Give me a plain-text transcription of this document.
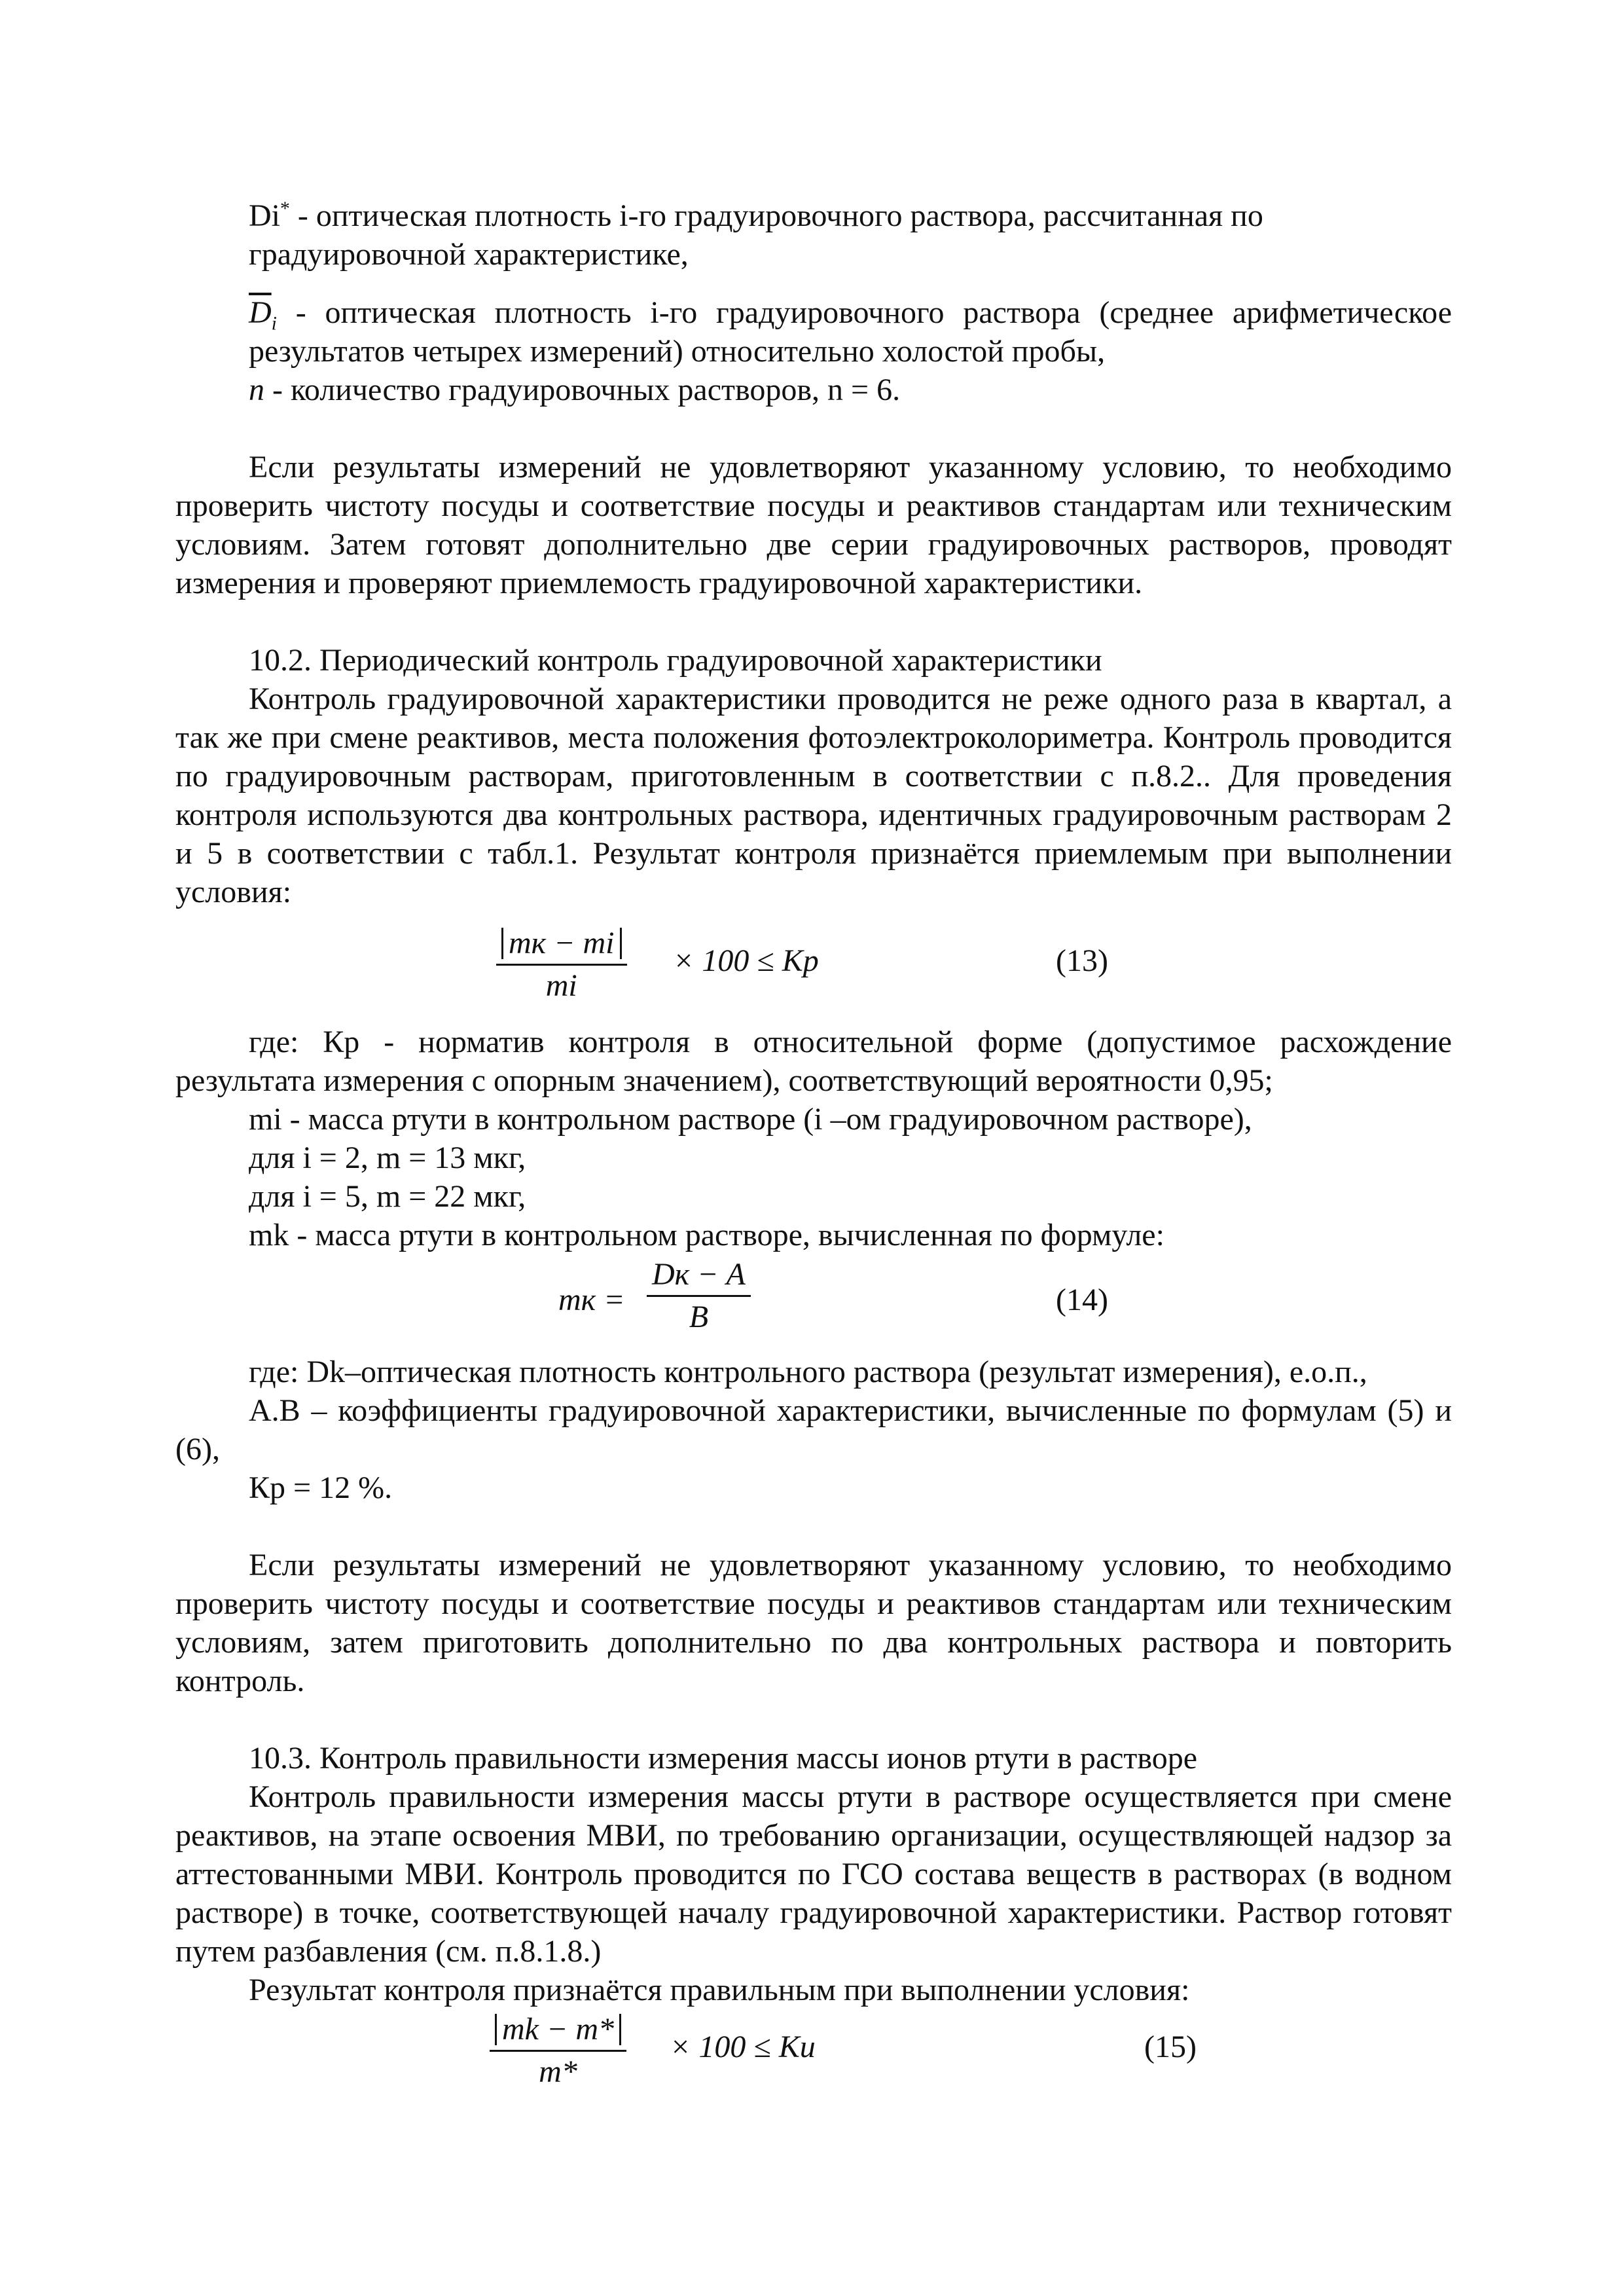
Di* - оптическая плотность i-го градуировочного раствора, рассчитанная по градуировочной характеристике,

$\overline{D}_i$ - оптическая плотность i-го градуировочного раствора (среднее арифметическое результатов четырех измерений) относительно холостой пробы,

n - количество градуировочных растворов, n = 6.

Если результаты измерений не удовлетворяют указанному условию, то необходимо проверить чистоту посуды и соответствие посуды и реактивов стандартам или техническим условиям. Затем готовят дополнительно две серии градуировочных растворов, проводят измерения и проверяют приемлемость градуировочной характеристики.

10.2. Периодический контроль градуировочной характеристики

Контроль градуировочной характеристики проводится не реже одного раза в квартал, а так же при смене реактивов, места положения фотоэлектроколориметра. Контроль проводится по градуировочным растворам, приготовленным в соответствии с п.8.2.. Для проведения контроля используются два контрольных раствора, идентичных градуировочным растворам 2 и 5 в соответствии с табл.1. Результат контроля признаётся приемлемым при выполнении условия:

mк − mi
mi
× 100 ≤ Kр	(13)

где: Кр - норматив контроля в относительной форме (допустимое расхождение результата измерения с опорным значением), соответствующий вероятности 0,95;

mi - масса ртути в контрольном растворе (i –ом градуировочном растворе),

для i = 2, m = 13 мкг,

для i = 5, m = 22 мкг,

mk - масса ртути в контрольном растворе, вычисленная по формуле:

mк =
Dк − A
B	(14)

где: Dk–оптическая плотность контрольного раствора (результат измерения), е.о.п.,

А.В – коэффициенты градуировочной характеристики, вычисленные по формулам (5) и (6),

Кр = 12 %.

Если результаты измерений не удовлетворяют указанному условию, то необходимо проверить чистоту посуды и соответствие посуды и реактивов стандартам или техническим условиям, затем приготовить дополнительно по два контрольных раствора и повторить контроль.

10.3. Контроль правильности измерения массы ионов ртути в растворе

Контроль правильности измерения массы ртути в растворе осуществляется при смене реактивов, на этапе освоения МВИ, по требованию организации, осуществляющей надзор за аттестованными МВИ. Контроль проводится по ГСО состава веществ в растворах (в водном растворе) в точке, соответствующей началу градуировочной характеристики. Раствор готовят путем разбавления (см. п.8.1.8.)

Результат контроля признаётся правильным при выполнении условия:

$\frac{mk - m*}{m*} \times 100$ ≤ Kи	(15)
